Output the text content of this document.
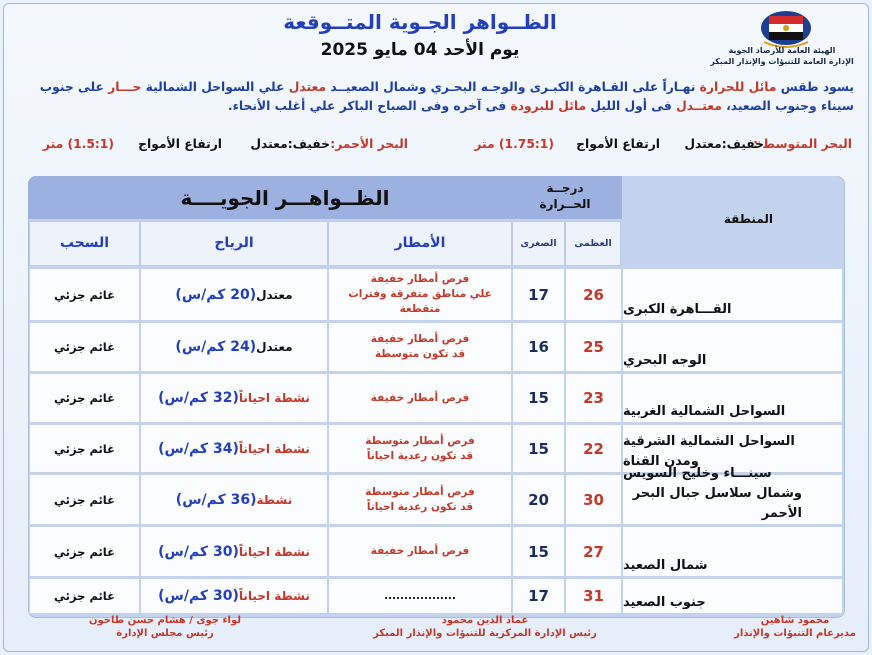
الهيئة العامة للأرصاد الجوية
الإدارة العامة للتنبؤات والإنذار المبكر
الظــواهر الجـوية المتــوقعة
يوم الأحد 04 مايو 2025
يسود طقس مائل للحرارة نهـاراً على القـاهرة الكبـرى والوجـه البحـري وشمال الصعيــد معتدل علي السواحل الشمالية حـــار على جنوب سيناء وجنوب الصعيد، معتــدل فى أول الليل مائل للبرودة فى آخره وفى الصباح الباكر علي أغلب الأنحاء.
البحر المتوسط :
خفيف:معتدل
ارتفاع الأمواج
(1.75:1) متر
البحر الأحمر:
خفيف:معتدل
ارتفاع الأمواج
(1.5:1) متر
الظــواهـــر الجويــــة	درجــة
الحــرارة
المنطقة
العظمى
الصغرى
الأمطار
الرياح
السحب
القـــاهرة الكبرى
26
17
فرص أمطار خفيفة
علي مناطق متفرقة وفترات متقطعة
معتدل
(20 كم/س)
غائم جزئي
الوجه البحري
25
16
فرص أمطار خفيفة
قد تكون متوسطة
معتدل
(24 كم/س)
غائم جزئي
السواحل الشمالية الغربية
23
15
فرص أمطار خفيفة
نشطة احياناً
(32 كم/س)
غائم جزئي
السواحل الشمالية الشرقية
ومدن القناة
22
15
فرص أمطار متوسطة
قد تكون رعدية احياناً
نشطة احياناً
(34 كم/س)
غائم جزئي
سينـــاء وخليج السويس
وشمال سلاسل جبال البحر الأحمر
30
20
فرص أمطار متوسطة
قد تكون رعدية احياناً
نشطة
(36 كم/س)
غائم جزئي
شمال الصعيد
27
15
فرص أمطار خفيفة
نشطة احياناً
(30 كم/س)
غائم جزئي
جنوب الصعيد
31
17
..................
نشطة احياناً
(30 كم/س)
غائم جزئي
لواء جوى / هشام حسن طاحون
رئيس مجلس الإدارة
عماد الدين محمود
رئيس الإدارة المركزية للتنبؤات والإنذار المبكر
محمود شاهين
مديرعام التنبؤات والإنذار
